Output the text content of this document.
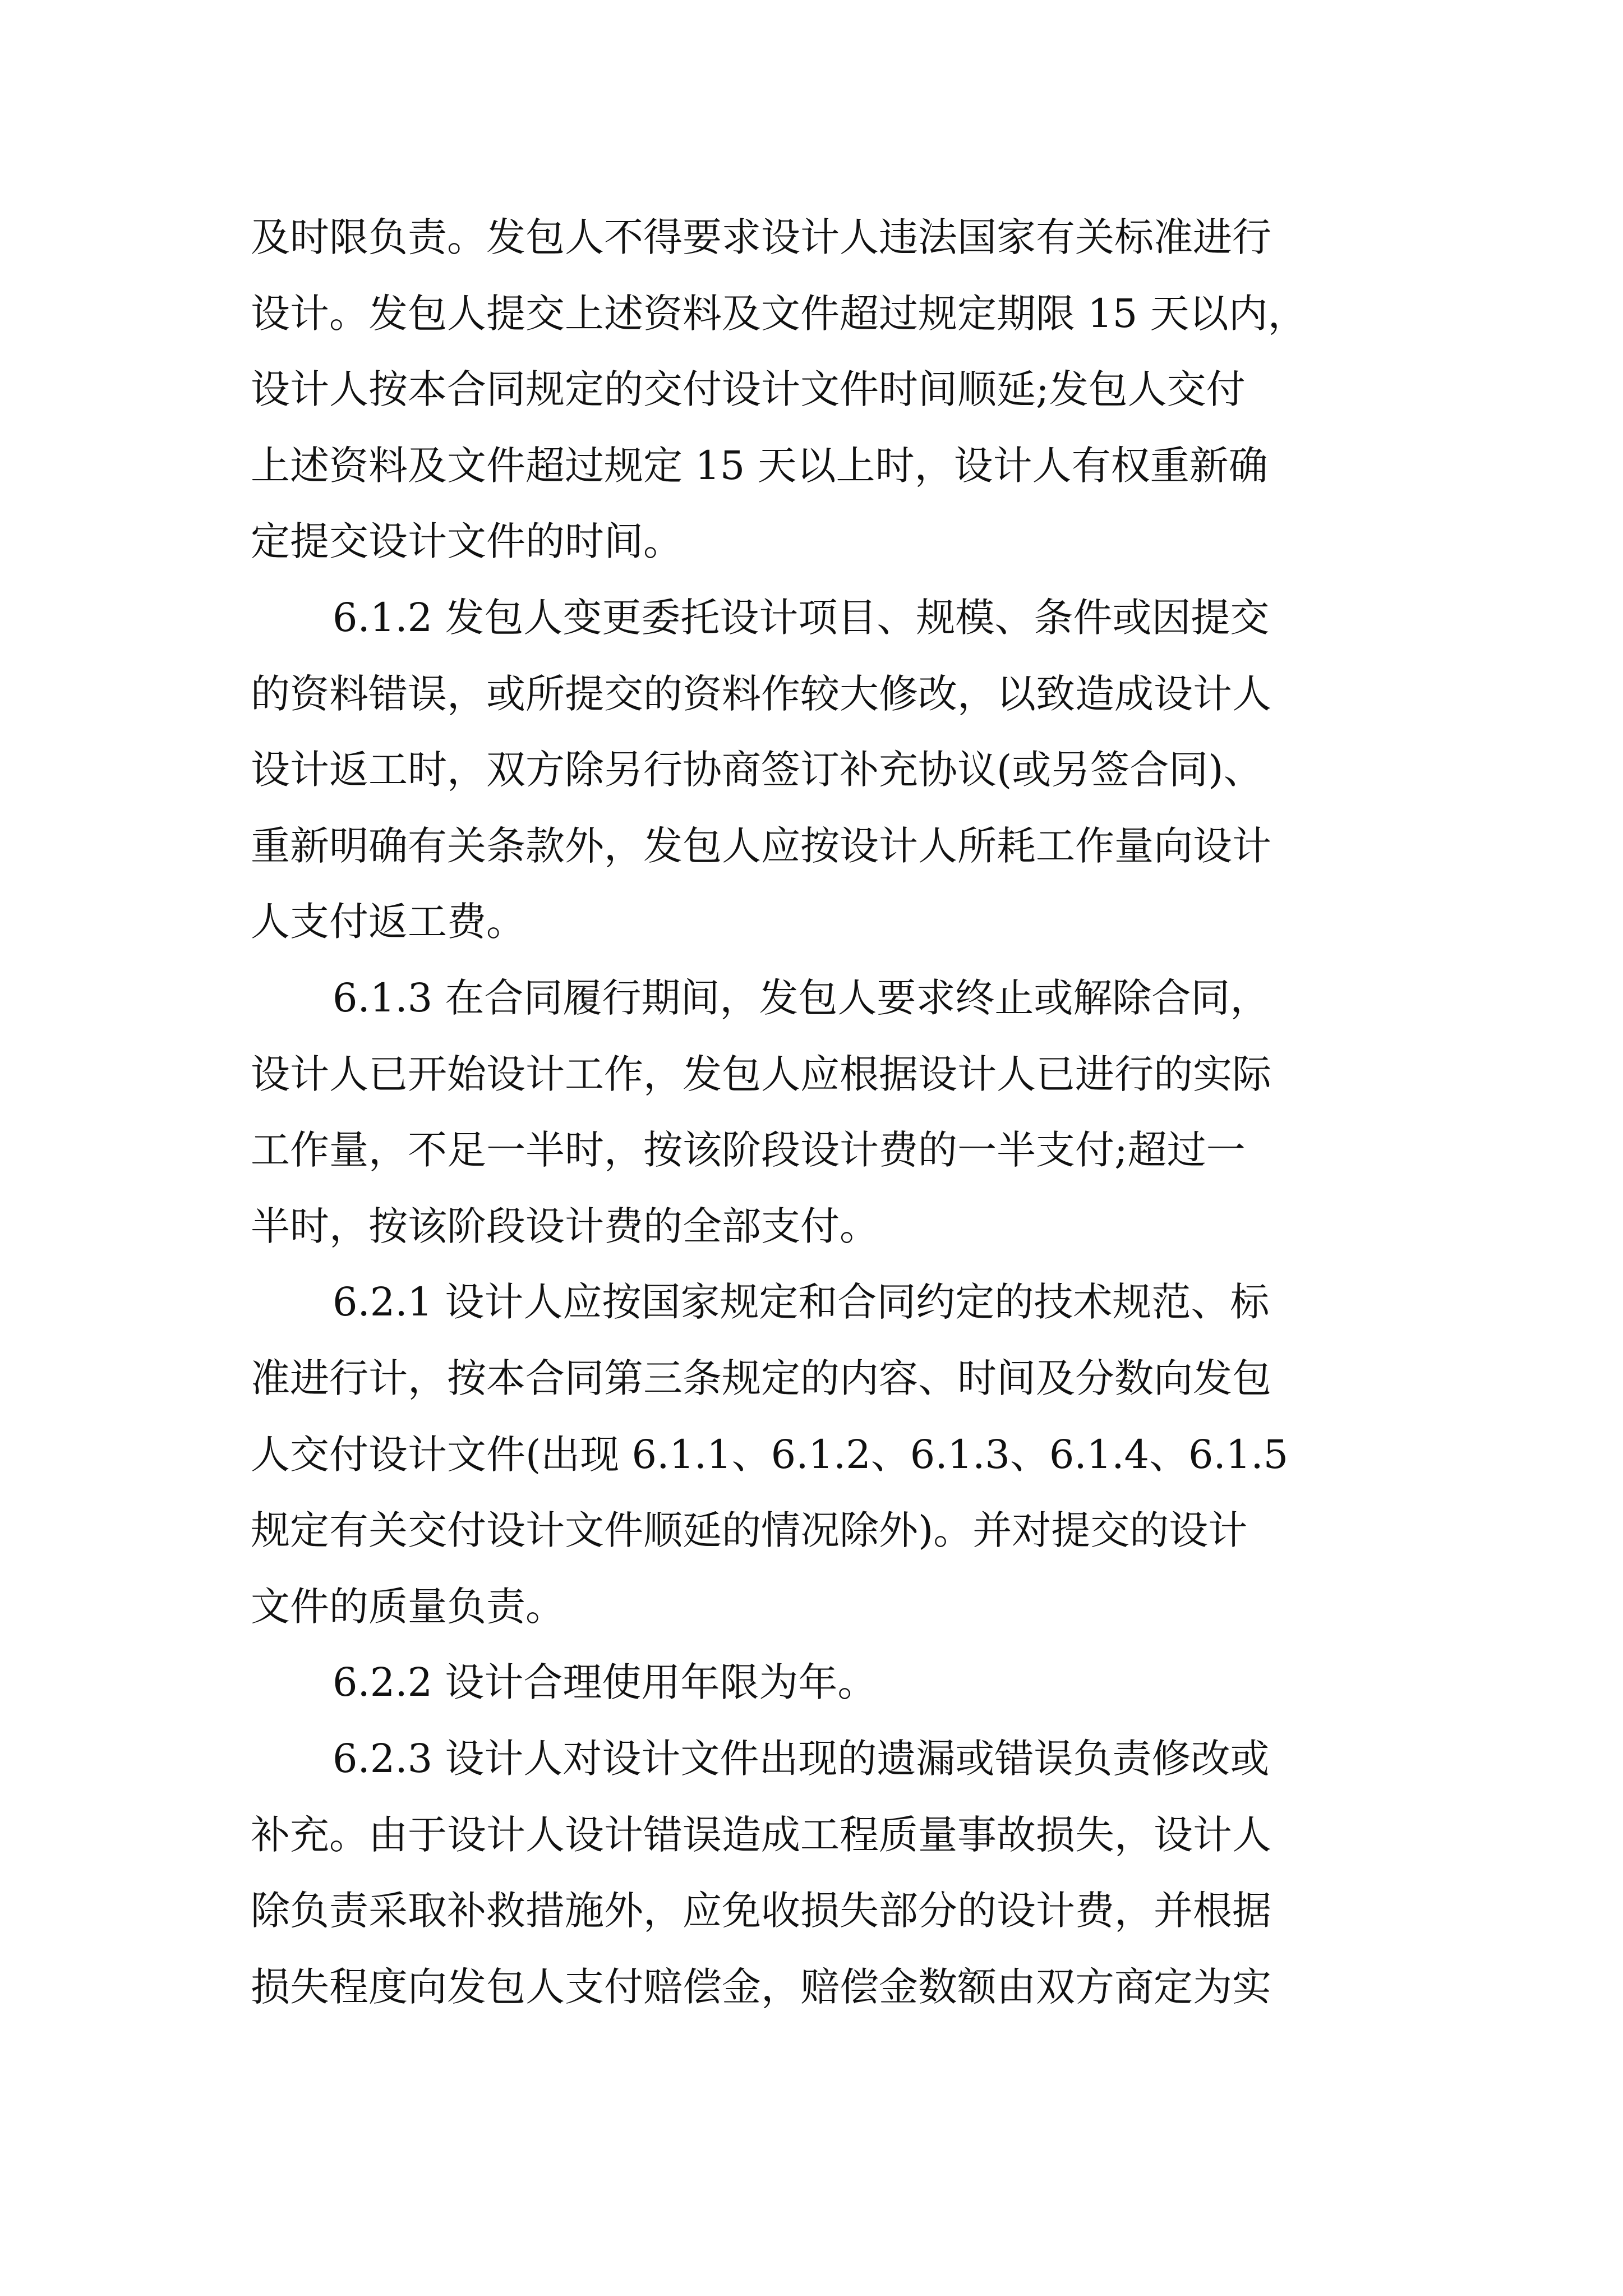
及时限负责。发包人不得要求设计人违法国家有关标准进行

设计。发包人提交上述资料及文件超过规定期限 15 天以内，

设计人按本合同规定的交付设计文件时间顺延;发包人交付

上述资料及文件超过规定 15 天以上时，设计人有权重新确

定提交设计文件的时间。

6.1.2 发包人变更委托设计项目、规模、条件或因提交

的资料错误，或所提交的资料作较大修改，以致造成设计人

设计返工时，双方除另行协商签订补充协议(或另签合同)、

重新明确有关条款外，发包人应按设计人所耗工作量向设计

人支付返工费。

6.1.3 在合同履行期间，发包人要求终止或解除合同，

设计人已开始设计工作，发包人应根据设计人已进行的实际

工作量，不足一半时，按该阶段设计费的一半支付;超过一

半时，按该阶段设计费的全部支付。

6.2.1 设计人应按国家规定和合同约定的技术规范、标

准进行计，按本合同第三条规定的内容、时间及分数向发包

人交付设计文件(出现 6.1.1、6.1.2、6.1.3、6.1.4、6.1.5

规定有关交付设计文件顺延的情况除外)。并对提交的设计

文件的质量负责。

6.2.2 设计合理使用年限为年。

6.2.3 设计人对设计文件出现的遗漏或错误负责修改或

补充。由于设计人设计错误造成工程质量事故损失，设计人

除负责采取补救措施外，应免收损失部分的设计费，并根据

损失程度向发包人支付赔偿金，赔偿金数额由双方商定为实
